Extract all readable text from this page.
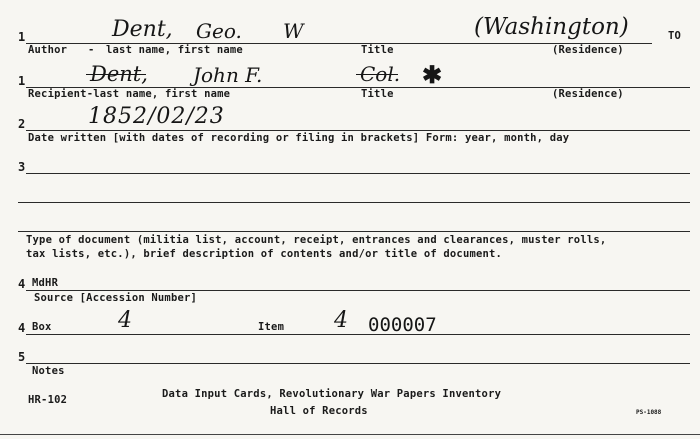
1	Dent, Geo. W	(Washington)	TO
Author - last name, first name	Title	(Residence)
1	Dent, John F.	Col. ✱
Recipient-last name, first name	Title	(Residence)
2	1852/02/23
Date written [with dates of recording or filing in brackets] Form: year, month, day
3
Type of document (militia list, account, receipt, entrances and clearances, muster rolls,
tax lists, etc.), brief description of contents and/or title of document.
4 MdHR
Source [Accession Number]
4 Box	4	Item 4 000007
5
Notes
HR-102	Data Input Cards, Revolutionary War Papers Inventory
Hall of Records	PS-1088
